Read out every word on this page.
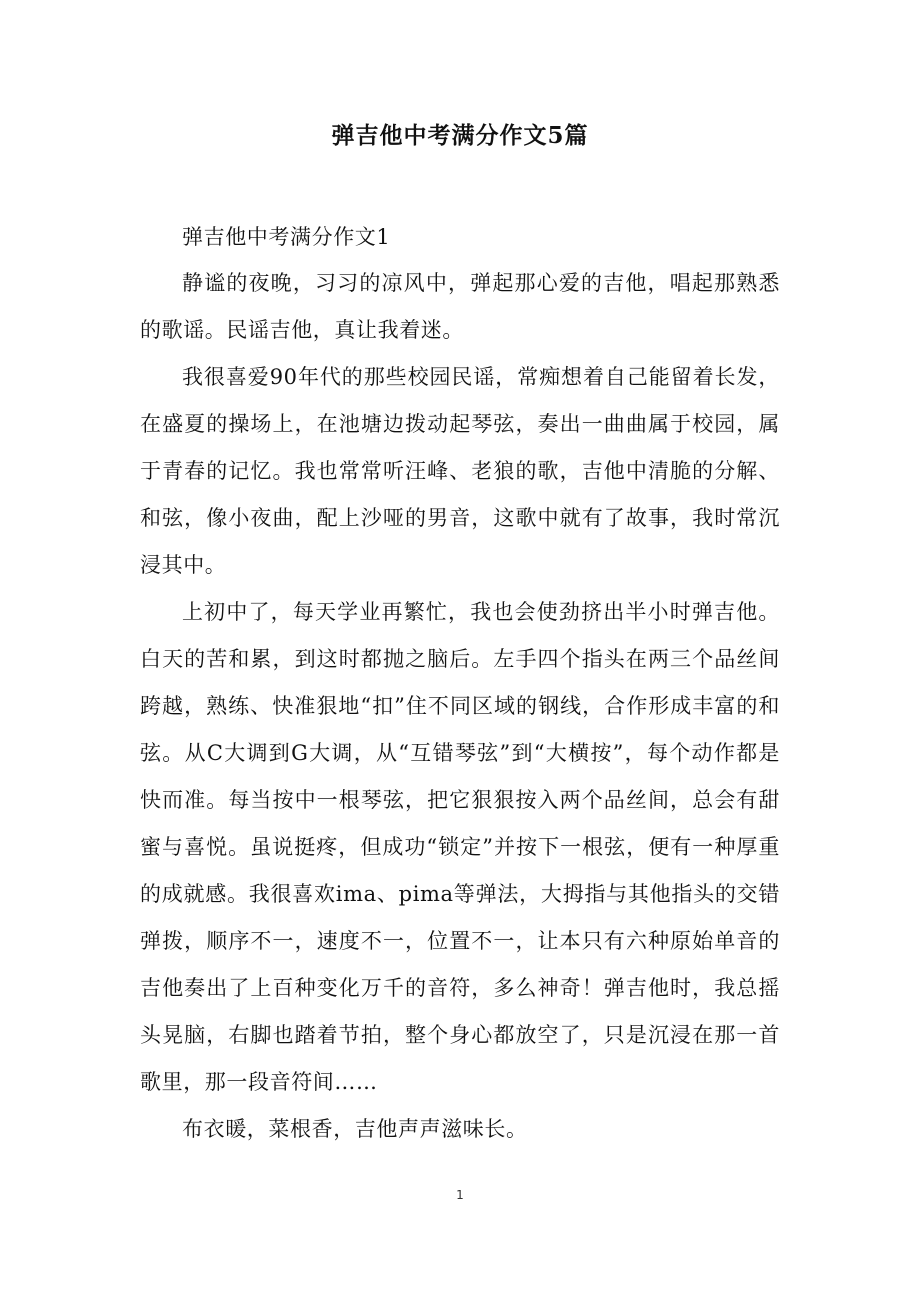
弹吉他中考满分作文5篇

弹吉他中考满分作文1

静谧的夜晚，习习的凉风中，弹起那心爱的吉他，唱起那熟悉的歌谣。民谣吉他，真让我着迷。

我很喜爱90年代的那些校园民谣，常痴想着自己能留着长发，在盛夏的操场上，在池塘边拨动起琴弦，奏出一曲曲属于校园，属于青春的记忆。我也常常听汪峰、老狼的歌，吉他中清脆的分解、和弦，像小夜曲，配上沙哑的男音，这歌中就有了故事，我时常沉浸其中。

上初中了，每天学业再繁忙，我也会使劲挤出半小时弹吉他。白天的苦和累，到这时都抛之脑后。左手四个指头在两三个品丝间跨越，熟练、快准狠地“扣”住不同区域的钢线，合作形成丰富的和弦。从C大调到G大调，从“互错琴弦”到“大横按”，每个动作都是快而准。每当按中一根琴弦，把它狠狠按入两个品丝间，总会有甜蜜与喜悦。虽说挺疼，但成功“锁定”并按下一根弦，便有一种厚重的成就感。我很喜欢ima、pima等弹法，大拇指与其他指头的交错弹拨，顺序不一，速度不一，位置不一，让本只有六种原始单音的吉他奏出了上百种变化万千的音符，多么神奇！弹吉他时，我总摇头晃脑，右脚也踏着节拍，整个身心都放空了，只是沉浸在那一首歌里，那一段音符间……

布衣暖，菜根香，吉他声声滋味长。

1
